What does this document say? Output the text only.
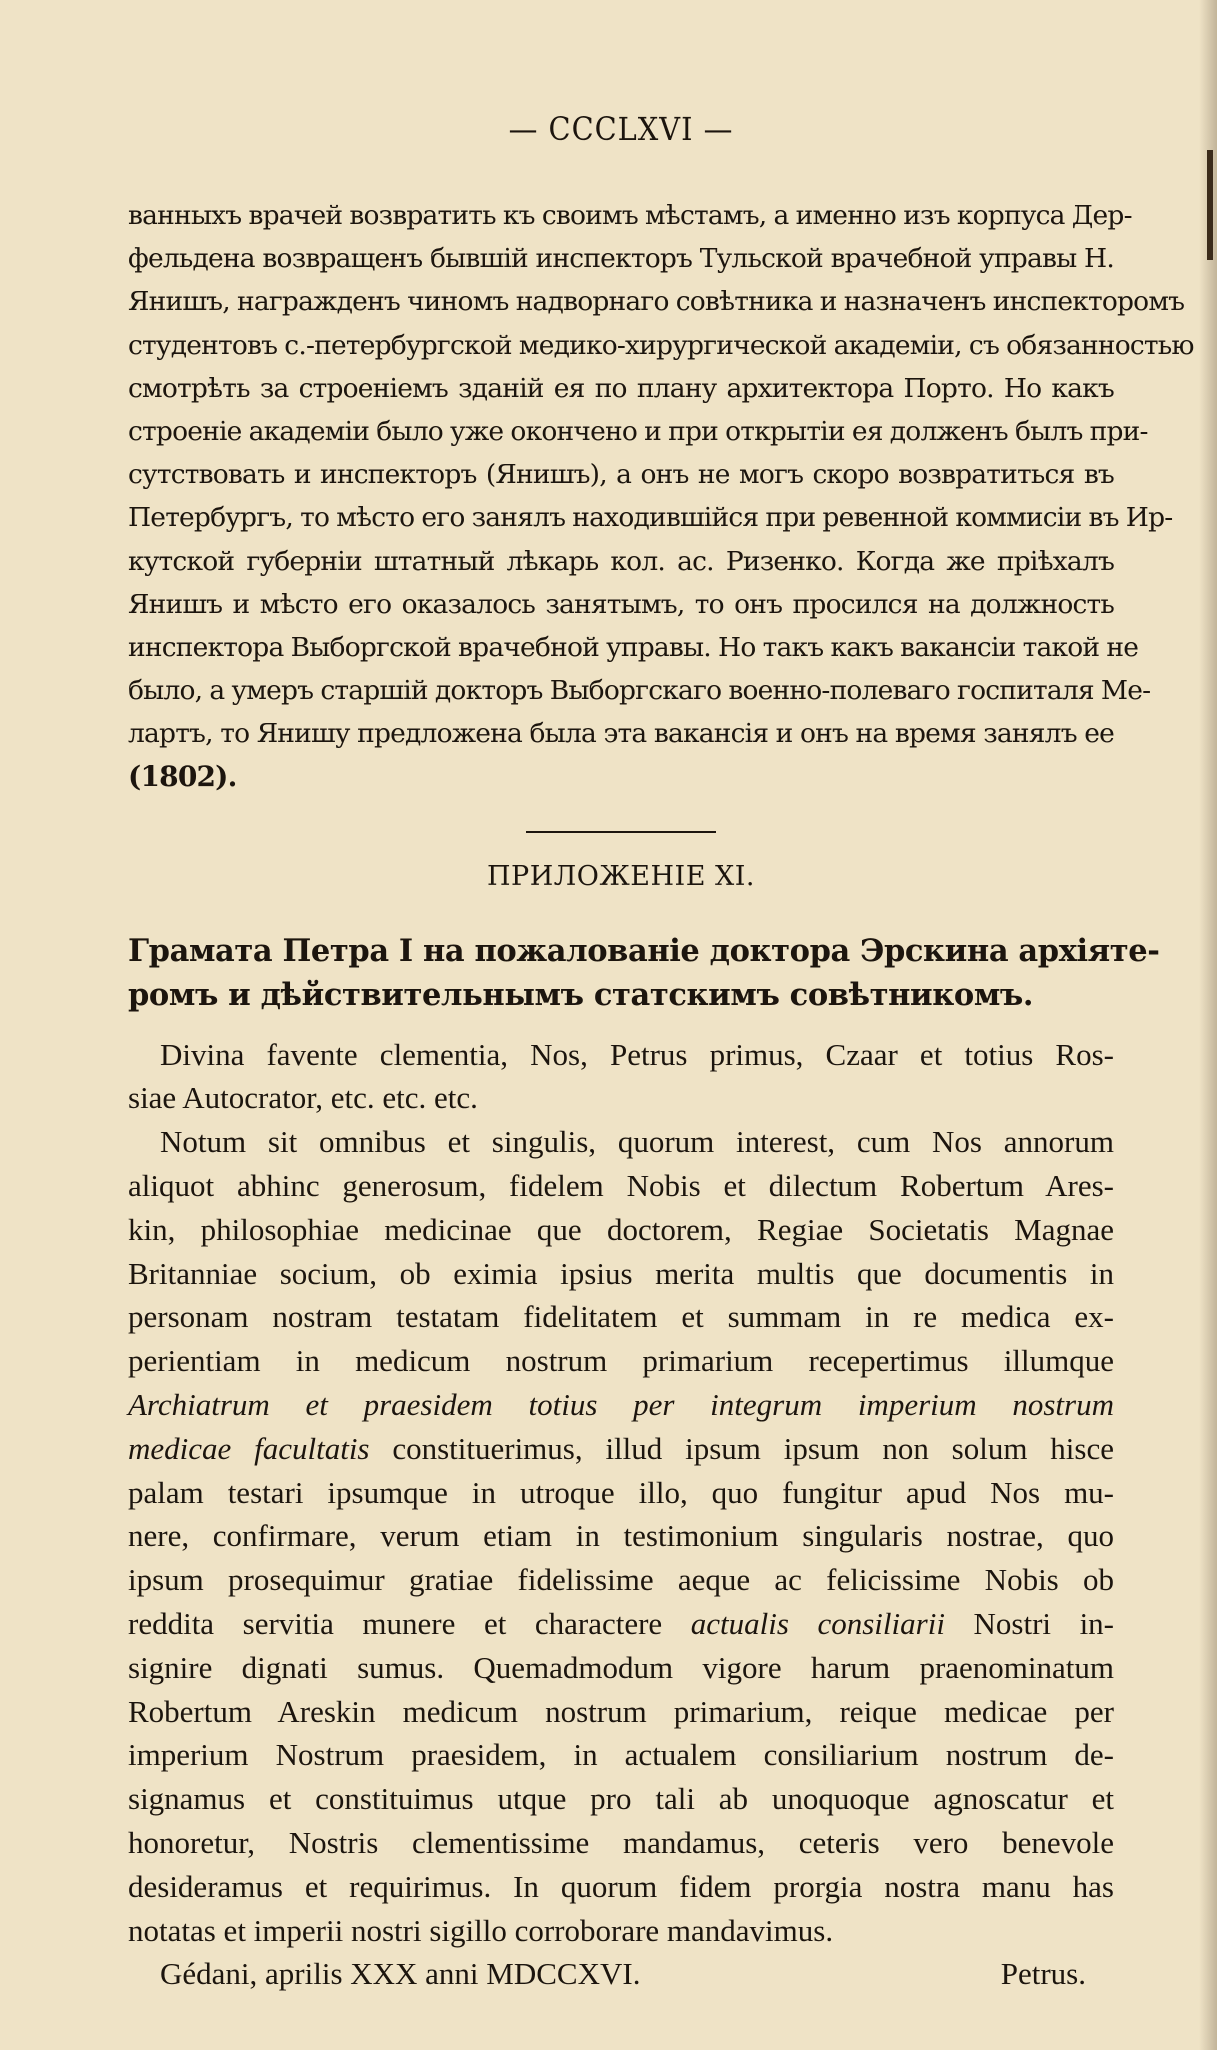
— CCCLXVI —
ванныхъ врачей возвратить къ своимъ мѣстамъ, а именно изъ корпуса Дер-
фельдена возвращенъ бывшій инспекторъ Тульской врачебной управы Н.
Янишъ, награжденъ чиномъ надворнаго совѣтника и назначенъ инспекторомъ
студентовъ с.-петербургской медико-хирургической академіи, съ обязанностью
смотрѣть за строеніемъ зданій ея по плану архитектора Порто. Но какъ
строеніе академіи было уже окончено и при открытіи ея долженъ былъ при-
сутствовать и инспекторъ (Янишъ), а онъ не могъ скоро возвратиться въ
Петербургъ, то мѣсто его занялъ находившійся при ревенной коммисіи въ Ир-
кутской губерніи штатный лѣкарь кол. ас. Ризенко. Когда же пріѣхалъ
Янишъ и мѣсто его оказалось занятымъ, то онъ просился на должность
инспектора Выборгской врачебной управы. Но такъ какъ вакансіи такой не
было, а умеръ старшій докторъ Выборгскаго военно-полеваго госпиталя Ме-
лартъ, то Янишу предложена была эта вакансія и онъ на время занялъ ее
(1802).
ПРИЛОЖЕНІЕ XI.
Грамата Петра I на пожалованіе доктора Эрскина архіяте-
ромъ и дѣйствительнымъ статскимъ совѣтникомъ.
Divina favente clementia, Nos, Petrus primus, Czaar et totius Ros-
siae Autocrator, etc. etc. etc.
Notum sit omnibus et singulis, quorum interest, cum Nos annorum
aliquot abhinc generosum, fidelem Nobis et dilectum Robertum Ares-
kin, philosophiae medicinae que doctorem, Regiae Societatis Magnae
Britanniae socium, ob eximia ipsius merita multis que documentis in
personam nostram testatam fidelitatem et summam in re medica ex-
perientiam in medicum nostrum primarium recepertimus illumque
Archiatrum et praesidem totius per integrum imperium nostrum
medicae facultatis constituerimus, illud ipsum ipsum non solum hisce
palam testari ipsumque in utroque illo, quo fungitur apud Nos mu-
nere, confirmare, verum etiam in testimonium singularis nostrae, quo
ipsum prosequimur gratiae fidelissime aeque ac felicissime Nobis ob
reddita servitia munere et charactere actualis consiliarii Nostri in-
signire dignati sumus. Quemadmodum vigore harum praenominatum
Robertum Areskin medicum nostrum primarium, reique medicae per
imperium Nostrum praesidem, in actualem consiliarium nostrum de-
signamus et constituimus utque pro tali ab unoquoque agnoscatur et
honoretur, Nostris clementissime mandamus, ceteris vero benevole
desideramus et requirimus. In quorum fidem prorgia nostra manu has
notatas et imperii nostri sigillo corroborare mandavimus.
Gédani, aprilis XXX anni MDCCXVI.	Petrus.
